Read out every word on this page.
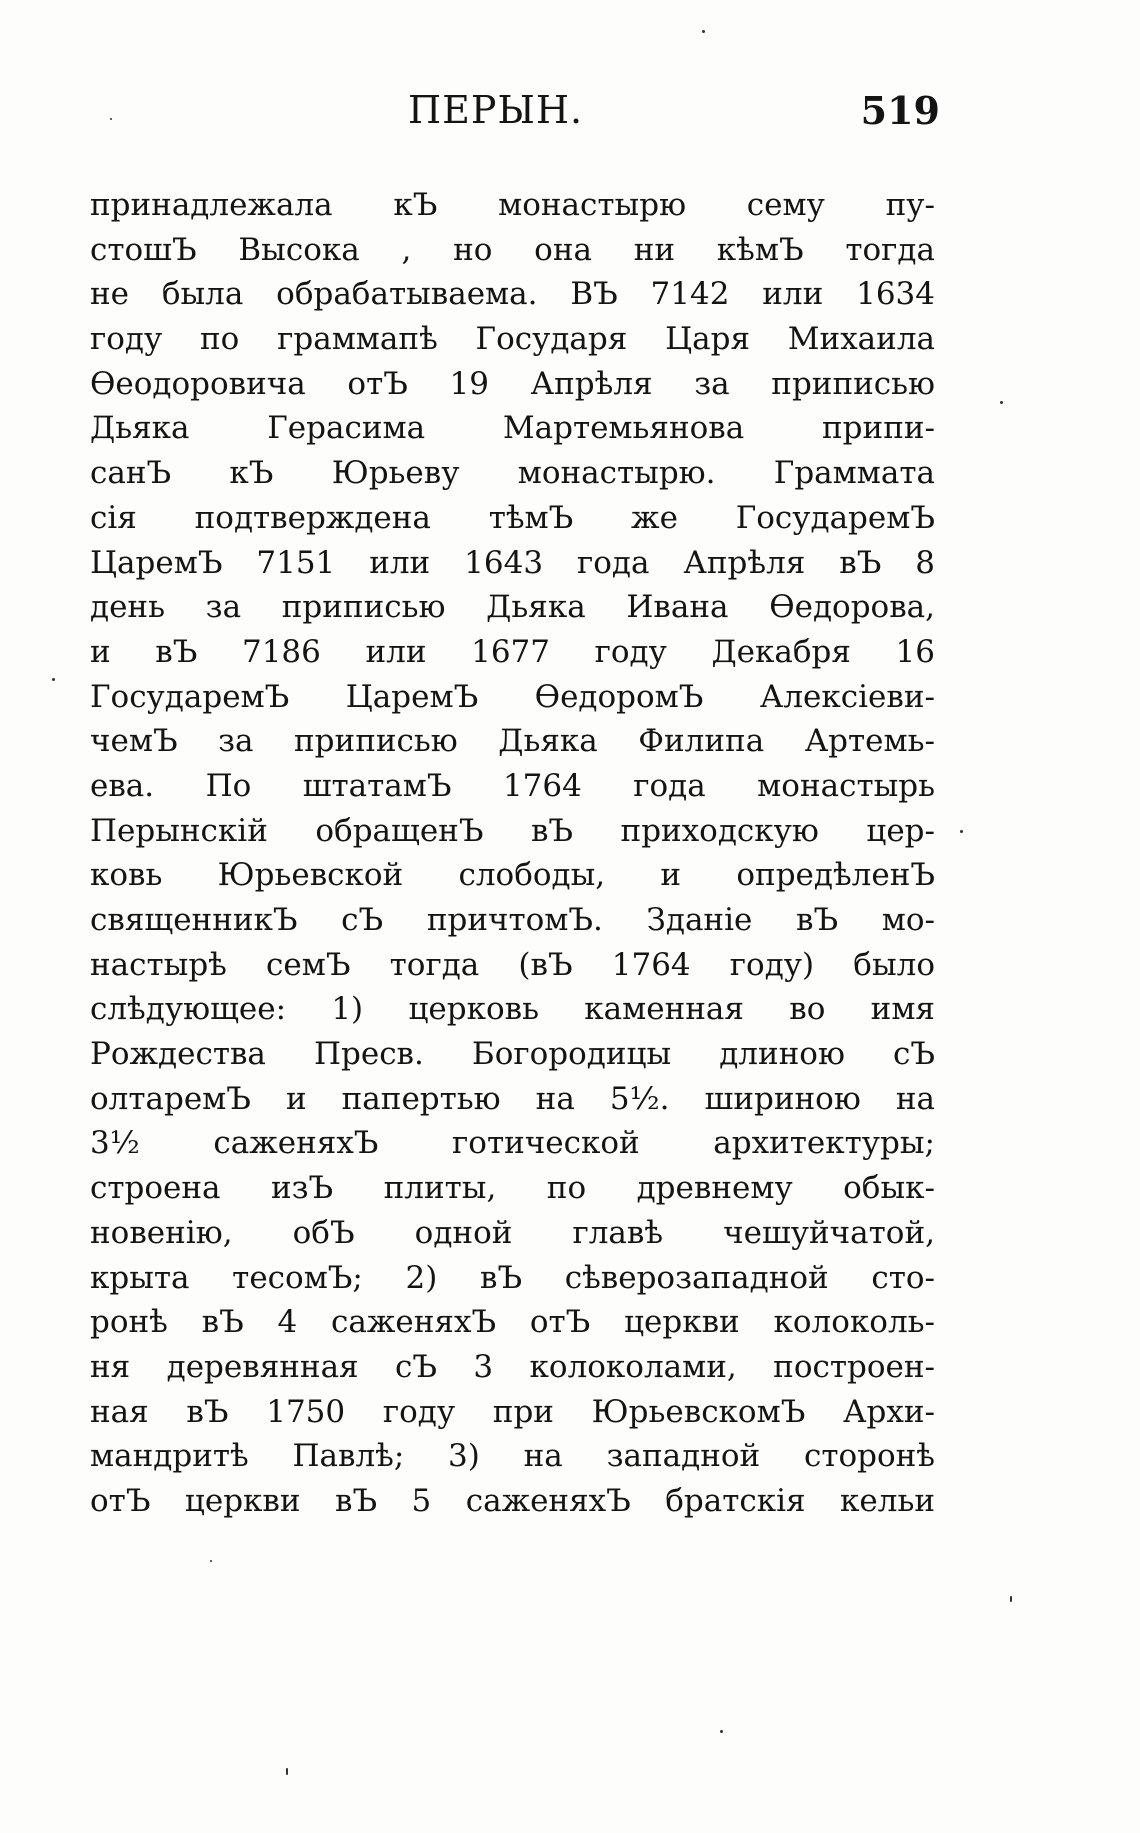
ПЕРЫН.	519
принадлежала кЪ монастырю сему пу-
стошЪ Высока , но она ни кѣмЪ тогда
не была обрабатываема. ВЪ 7142 или 1634
году по граммапѣ Государя Царя Михаила
Ѳеодоровича отЪ 19 Апрѣля за приписью
Дьяка Герасима Мартемьянова припи-
санЪ кЪ Юрьеву монастырю. Граммата
сія подтверждена тѣмЪ же ГосударемЪ
ЦаремЪ 7151 или 1643 года Апрѣля вЪ 8
день за приписью Дьяка Ивана Ѳедорова,
и вЪ 7186 или 1677 году Декабря 16
ГосударемЪ ЦаремЪ ѲедоромЪ Алексіеви-
чемЪ за приписью Дьяка Филипа Артемь-
ева. По штатамЪ 1764 года монастырь
Перынскій обращенЪ вЪ приходскую цер-
ковь Юрьевской слободы, и опредѣленЪ
священникЪ сЪ причтомЪ. Зданіе вЪ мо-
настырѣ семЪ тогда (вЪ 1764 году) было
слѣдующее: 1) церковь каменная во имя
Рождества Пресв. Богородицы длиною сЪ
олтаремЪ и папертью на 5½. шириною на
3½ саженяхЪ готической архитектуры;
строена изЪ плиты, по древнему обык-
новенію, обЪ одной главѣ чешуйчатой,
крыта тесомЪ; 2) вЪ сѣверозападной сто-
ронѣ вЪ 4 саженяхЪ отЪ церкви колоколь-
ня деревянная сЪ 3 колоколами, построен-
ная вЪ 1750 году при ЮрьевскомЪ Архи-
мандритѣ Павлѣ; 3) на западной сторонѣ
отЪ церкви вЪ 5 саженяхЪ братскія кельи
